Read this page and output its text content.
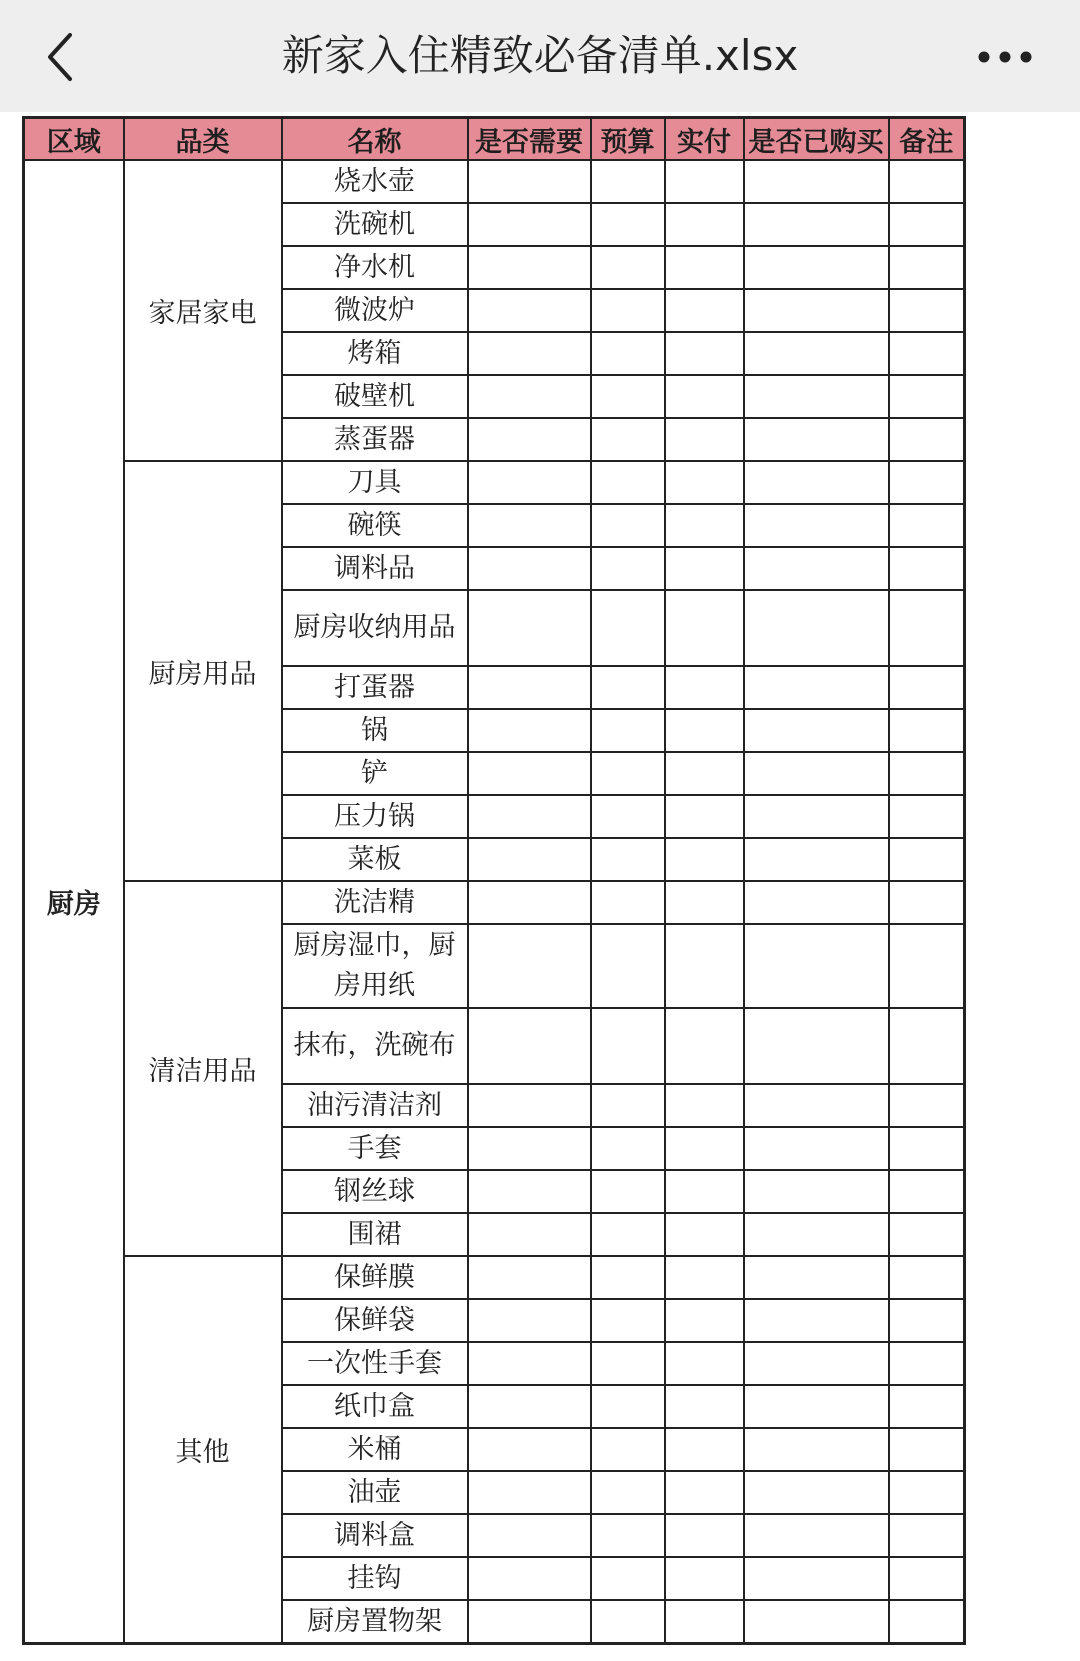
新家入住精致必备清单.xlsx
区域	品类	名称	是否需要	预算	实付	是否已购买	备注
厨房	家居家电	烧水壶					
		洗碗机					
		净水机					
		微波炉					
		烤箱					
		破壁机					
		蒸蛋器					
	厨房用品	刀具					
		碗筷					
		调料品					
		厨房收纳用品					
		打蛋器					
		锅					
		铲					
		压力锅					
		菜板					
	清洁用品	洗洁精					
		厨房湿巾，厨房用纸					
		抹布，洗碗布					
		油污清洁剂					
		手套					
		钢丝球					
		围裙					
	其他	保鲜膜					
		保鲜袋					
		一次性手套					
		纸巾盒					
		米桶					
		油壶					
		调料盒					
		挂钩					
		厨房置物架					
